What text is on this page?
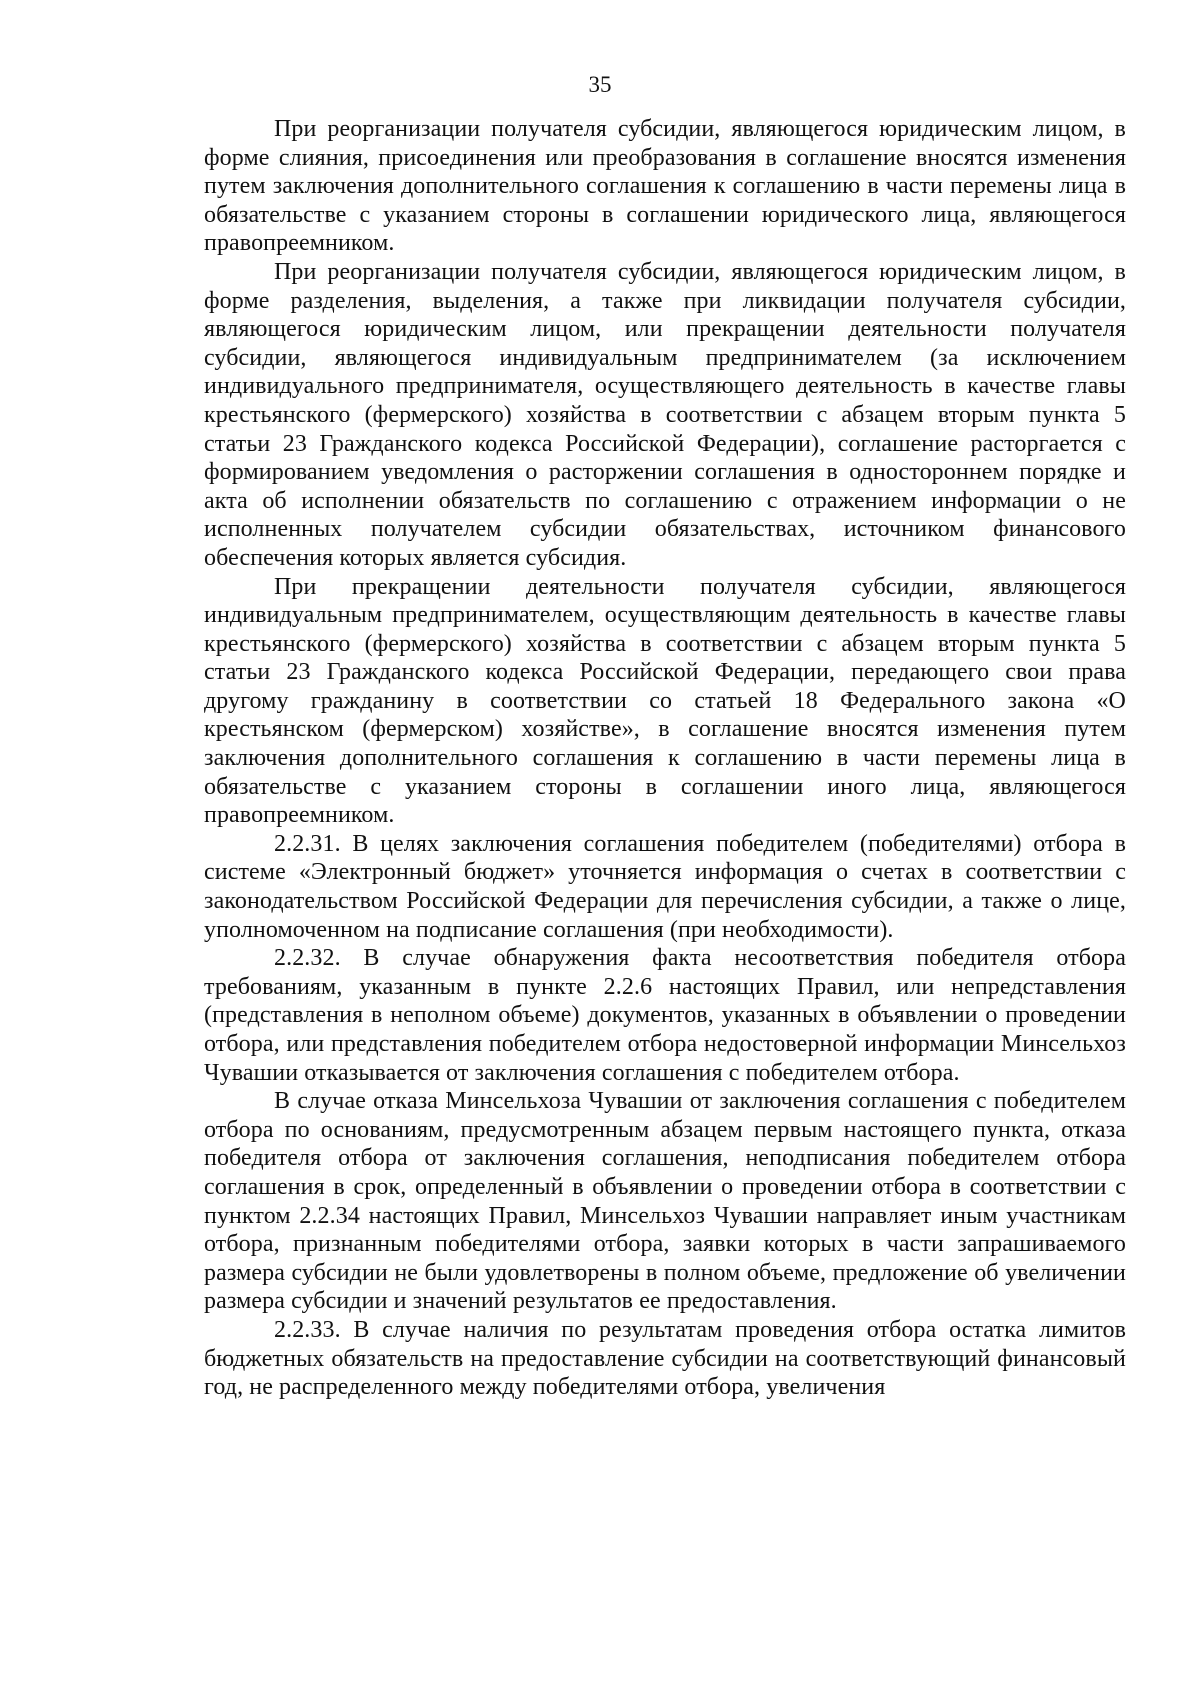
35

При реорганизации получателя субсидии, являющегося юридическим лицом, в форме слияния, присоединения или преобразования в соглашение вносятся изменения путем заключения дополнительного соглашения к соглашению в части перемены лица в обязательстве с указанием стороны в соглашении юридического лица, являющегося правопреемником.

При реорганизации получателя субсидии, являющегося юридическим лицом, в форме разделения, выделения, а также при ликвидации получателя субсидии, являющегося юридическим лицом, или прекращении деятельности получателя субсидии, являющегося индивидуальным предпринимателем (за исключением индивидуального предпринимателя, осуществляющего деятельность в качестве главы крестьянского (фермерского) хозяйства в соответствии с абзацем вторым пункта 5 статьи 23 Гражданского кодекса Российской Федерации), соглашение расторгается с формированием уведомления о расторжении соглашения в одностороннем порядке и акта об исполнении обязательств по соглашению с отражением информации о не исполненных получателем субсидии обязательствах, источником финансового обеспечения которых является субсидия.

При прекращении деятельности получателя субсидии, являющегося индивидуальным предпринимателем, осуществляющим деятельность в качестве главы крестьянского (фермерского) хозяйства в соответствии с абзацем вторым пункта 5 статьи 23 Гражданского кодекса Российской Федерации, передающего свои права другому гражданину в соответствии со статьей 18 Федерального закона «О крестьянском (фермерском) хозяйстве», в соглашение вносятся изменения путем заключения дополнительного соглашения к соглашению в части перемены лица в обязательстве с указанием стороны в соглашении иного лица, являющегося правопреемником.

2.2.31. В целях заключения соглашения победителем (победителями) отбора в системе «Электронный бюджет» уточняется информация о счетах в соответствии с законодательством Российской Федерации для перечисления субсидии, а также о лице, уполномоченном на подписание соглашения (при необходимости).

2.2.32. В случае обнаружения факта несоответствия победителя отбора требованиям, указанным в пункте 2.2.6 настоящих Правил, или непредставления (представления в неполном объеме) документов, указанных в объявлении о проведении отбора, или представления победителем отбора недостоверной информации Минсельхоз Чувашии отказывается от заключения соглашения с победителем отбора.

В случае отказа Минсельхоза Чувашии от заключения соглашения с победителем отбора по основаниям, предусмотренным абзацем первым настоящего пункта, отказа победителя отбора от заключения соглашения, неподписания победителем отбора соглашения в срок, определенный в объявлении о проведении отбора в соответствии с пунктом 2.2.34 настоящих Правил, Минсельхоз Чувашии направляет иным участникам отбора, признанным победителями отбора, заявки которых в части запрашиваемого размера субсидии не были удовлетворены в полном объеме, предложение об увеличении размера субсидии и значений результатов ее предоставления.

2.2.33. В случае наличия по результатам проведения отбора остатка лимитов бюджетных обязательств на предоставление субсидии на соответствующий финансовый год, не распределенного между победителями отбора, увеличения
